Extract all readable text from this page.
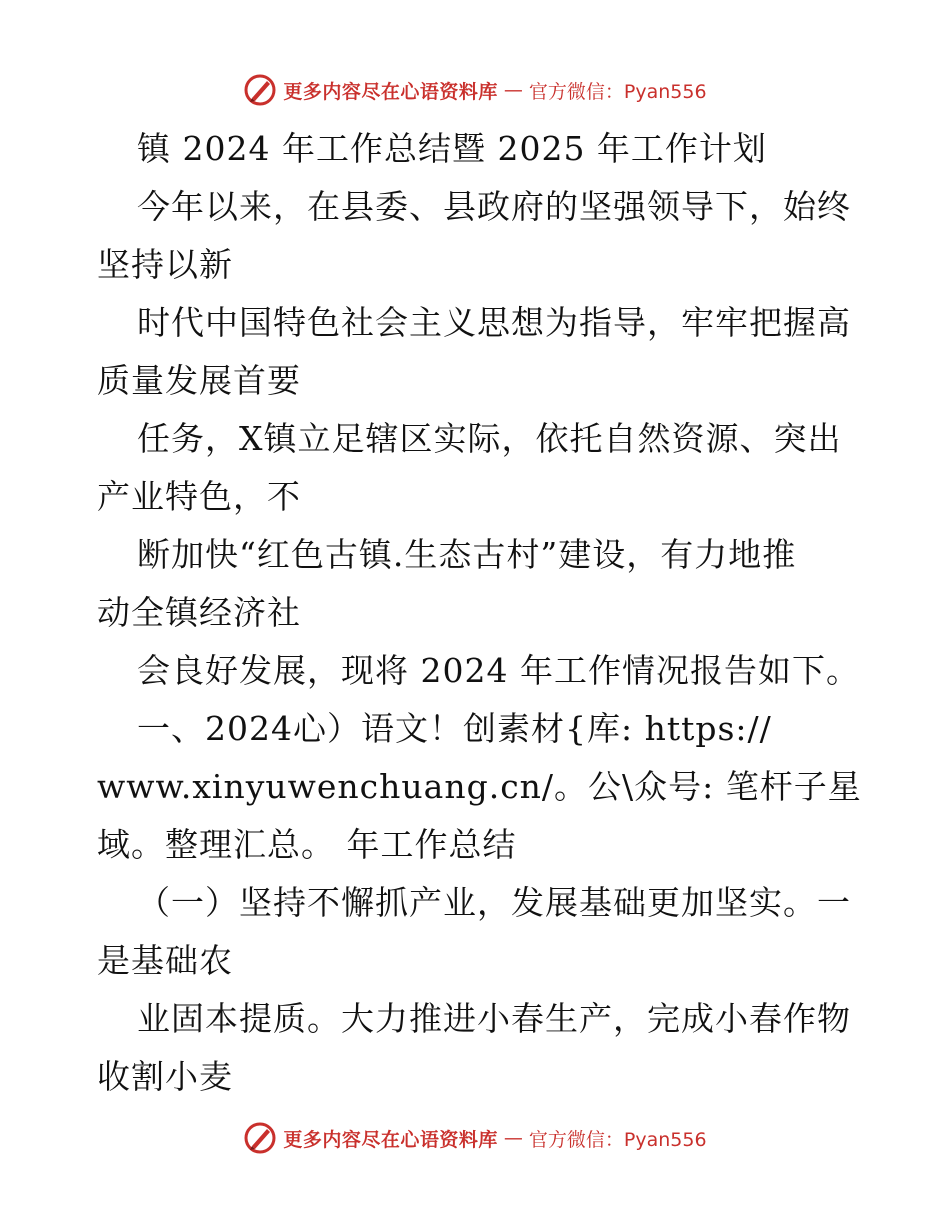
更多内容尽在心语资料库 — 官方微信：Pyan556
镇 2024 年工作总结暨 2025 年工作计划
今年以来，在县委、县政府的坚强领导下，始终
坚持以新
时代中国特色社会主义思想为指导，牢牢把握高
质量发展首要
任务，X镇立足辖区实际，依托自然资源、突出
产业特色，不
断加快“红色古镇.生态古村”建设，有力地推
动全镇经济社
会良好发展，现将 2024 年工作情况报告如下。
一、2024心）语文！创素材{库: https://
www.xinyuwenchuang.cn/。公\众号: 笔杆子星
域。整理汇总。 年工作总结
（一）坚持不懈抓产业，发展基础更加坚实。一
是基础农
业固本提质。大力推进小春生产，完成小春作物
收割小麦
更多内容尽在心语资料库 — 官方微信：Pyan556
